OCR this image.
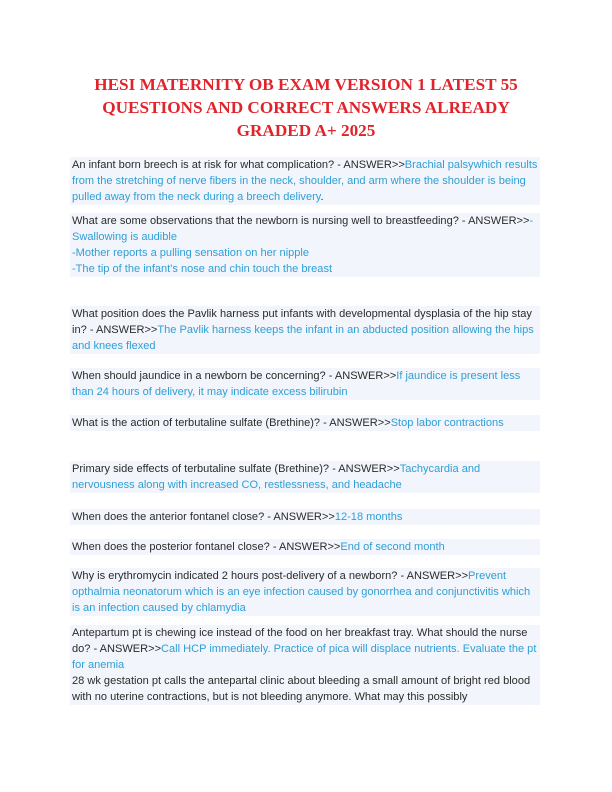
HESI MATERNITY OB EXAM VERSION 1 LATEST 55
QUESTIONS AND CORRECT ANSWERS ALREADY
GRADED A+ 2025

An infant born breech is at risk for what complication? - ANSWER>>Brachial palsywhich results from the stretching of nerve fibers in the neck, shoulder, and arm where the shoulder is being pulled away from the neck during a breech delivery.

What are some observations that the newborn is nursing well to breastfeeding? - ANSWER>>-Swallowing is audible
-Mother reports a pulling sensation on her nipple
-The tip of the infant's nose and chin touch the breast

What position does the Pavlik harness put infants with developmental dysplasia of the hip stay in? - ANSWER>>The Pavlik harness keeps the infant in an abducted position allowing the hips and knees flexed

When should jaundice in a newborn be concerning? - ANSWER>>If jaundice is present less than 24 hours of delivery, it may indicate excess bilirubin

What is the action of terbutaline sulfate (Brethine)? - ANSWER>>Stop labor contractions

Primary side effects of terbutaline sulfate (Brethine)? - ANSWER>>Tachycardia and nervousness along with increased CO, restlessness, and headache

When does the anterior fontanel close? - ANSWER>>12-18 months

When does the posterior fontanel close? - ANSWER>>End of second month

Why is erythromycin indicated 2 hours post-delivery of a newborn? - ANSWER>>Prevent opthalmia neonatorum which is an eye infection caused by gonorrhea and conjunctivitis which is an infection caused by chlamydia

Antepartum pt is chewing ice instead of the food on her breakfast tray. What should the nurse do? - ANSWER>>Call HCP immediately. Practice of pica will displace nutrients. Evaluate the pt for anemia
28 wk gestation pt calls the antepartal clinic about bleeding a small amount of bright red blood with no uterine contractions, but is not bleeding anymore. What may this possibly
